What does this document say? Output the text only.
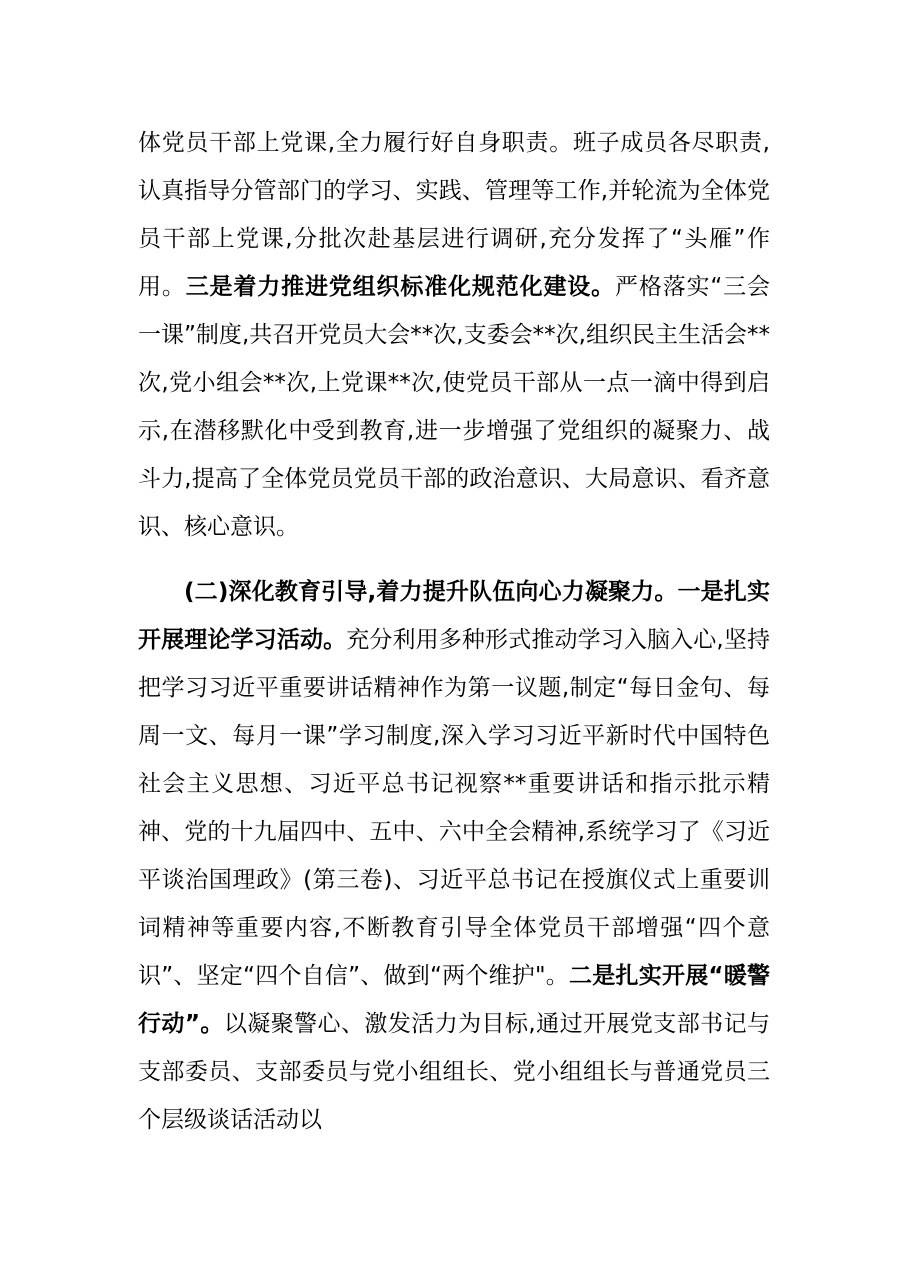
体党员干部上党课,全力履行好自身职责。班子成员各尽职责,认真指导分管部门的学习、实践、管理等工作,并轮流为全体党员干部上党课,分批次赴基层进行调研,充分发挥了“头雁”作用。三是着力推进党组织标准化规范化建设。严格落实“三会一课”制度,共召开党员大会**次,支委会**次,组织民主生活会**次,党小组会**次,上党课**次,使党员干部从一点一滴中得到启示,在潜移默化中受到教育,进一步增强了党组织的凝聚力、战斗力,提高了全体党员党员干部的政治意识、大局意识、看齐意识、核心意识。

(二)深化教育引导,着力提升队伍向心力凝聚力。一是扎实开展理论学习活动。充分利用多种形式推动学习入脑入心,坚持把学习习近平重要讲话精神作为第一议题,制定“每日金句、每周一文、每月一课”学习制度,深入学习习近平新时代中国特色社会主义思想、习近平总书记视察**重要讲话和指示批示精神、党的十九届四中、五中、六中全会精神,系统学习了《习近平谈治国理政》(第三卷)、习近平总书记在授旗仪式上重要训词精神等重要内容,不断教育引导全体党员干部增强“四个意识”、坚定“四个自信”、做到“两个维护"。二是扎实开展“暖警行动”。以凝聚警心、激发活力为目标,通过开展党支部书记与支部委员、支部委员与党小组组长、党小组组长与普通党员三个层级谈话活动以
